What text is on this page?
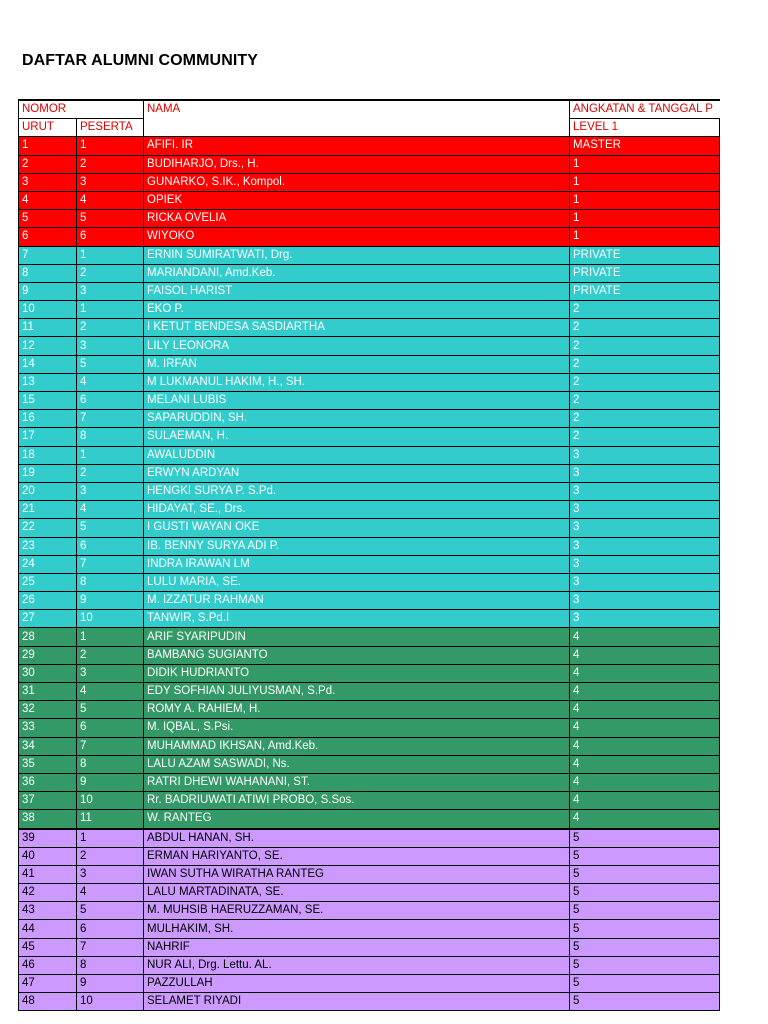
DAFTAR ALUMNI COMMUNITY
NOMOR		NAMA	ANGKATAN & TANGGAL P
URUT	PESERTA		LEVEL 1
1	1	AFIFI. IR	MASTER
2	2	BUDIHARJO, Drs., H.	1
3	3	GUNARKO, S.IK., Kompol.	1
4	4	OPIEK	1
5	5	RICKA OVELIA	1
6	6	WIYOKO	1
7	1	ERNIN SUMIRATWATI, Drg.	PRIVATE
8	2	MARIANDANI, Amd.Keb.	PRIVATE
9	3	FAISOL HARIST	PRIVATE
10	1	EKO P.	2
11	2	I KETUT BENDESA SASDIARTHA	2
12	3	LILY LEONORA	2
14	5	M. IRFAN	2
13	4	M LUKMANUL HAKIM, H., SH.	2
15	6	MELANI LUBIS	2
16	7	SAPARUDDIN, SH.	2
17	8	SULAEMAN, H.	2
18	1	AWALUDDIN	3
19	2	ERWYN ARDYAN	3
20	3	HENGKI SURYA P. S.Pd.	3
21	4	HIDAYAT, SE., Drs.	3
22	5	I GUSTI WAYAN OKE	3
23	6	IB. BENNY SURYA ADI P.	3
24	7	INDRA IRAWAN LM	3
25	8	LULU MARIA, SE.	3
26	9	M. IZZATUR RAHMAN	3
27	10	TANWIR, S.Pd.I	3
28	1	ARIF SYARIPUDIN	4
29	2	BAMBANG SUGIANTO	4
30	3	DIDIK HUDRIANTO	4
31	4	EDY SOFHIAN JULIYUSMAN, S.Pd.	4
32	5	ROMY A. RAHIEM, H.	4
33	6	M. IQBAL, S.Psi.	4
34	7	MUHAMMAD IKHSAN, Amd.Keb.	4
35	8	LALU AZAM SASWADI, Ns.	4
36	9	RATRI DHEWI WAHANANI, ST.	4
37	10	Rr. BADRIUWATI ATIWI PROBO, S.Sos.	4
38	11	W. RANTEG	4
39	1	ABDUL HANAN, SH.	5
40	2	ERMAN HARIYANTO, SE.	5
41	3	IWAN SUTHA WIRATHA RANTEG	5
42	4	LALU MARTADINATA, SE.	5
43	5	M. MUHSIB HAERUZZAMAN, SE.	5
44	6	MULHAKIM, SH.	5
45	7	NAHRIF	5
46	8	NUR ALI, Drg. Lettu. AL.	5
47	9	PAZZULLAH	5
48	10	SELAMET RIYADI	5
